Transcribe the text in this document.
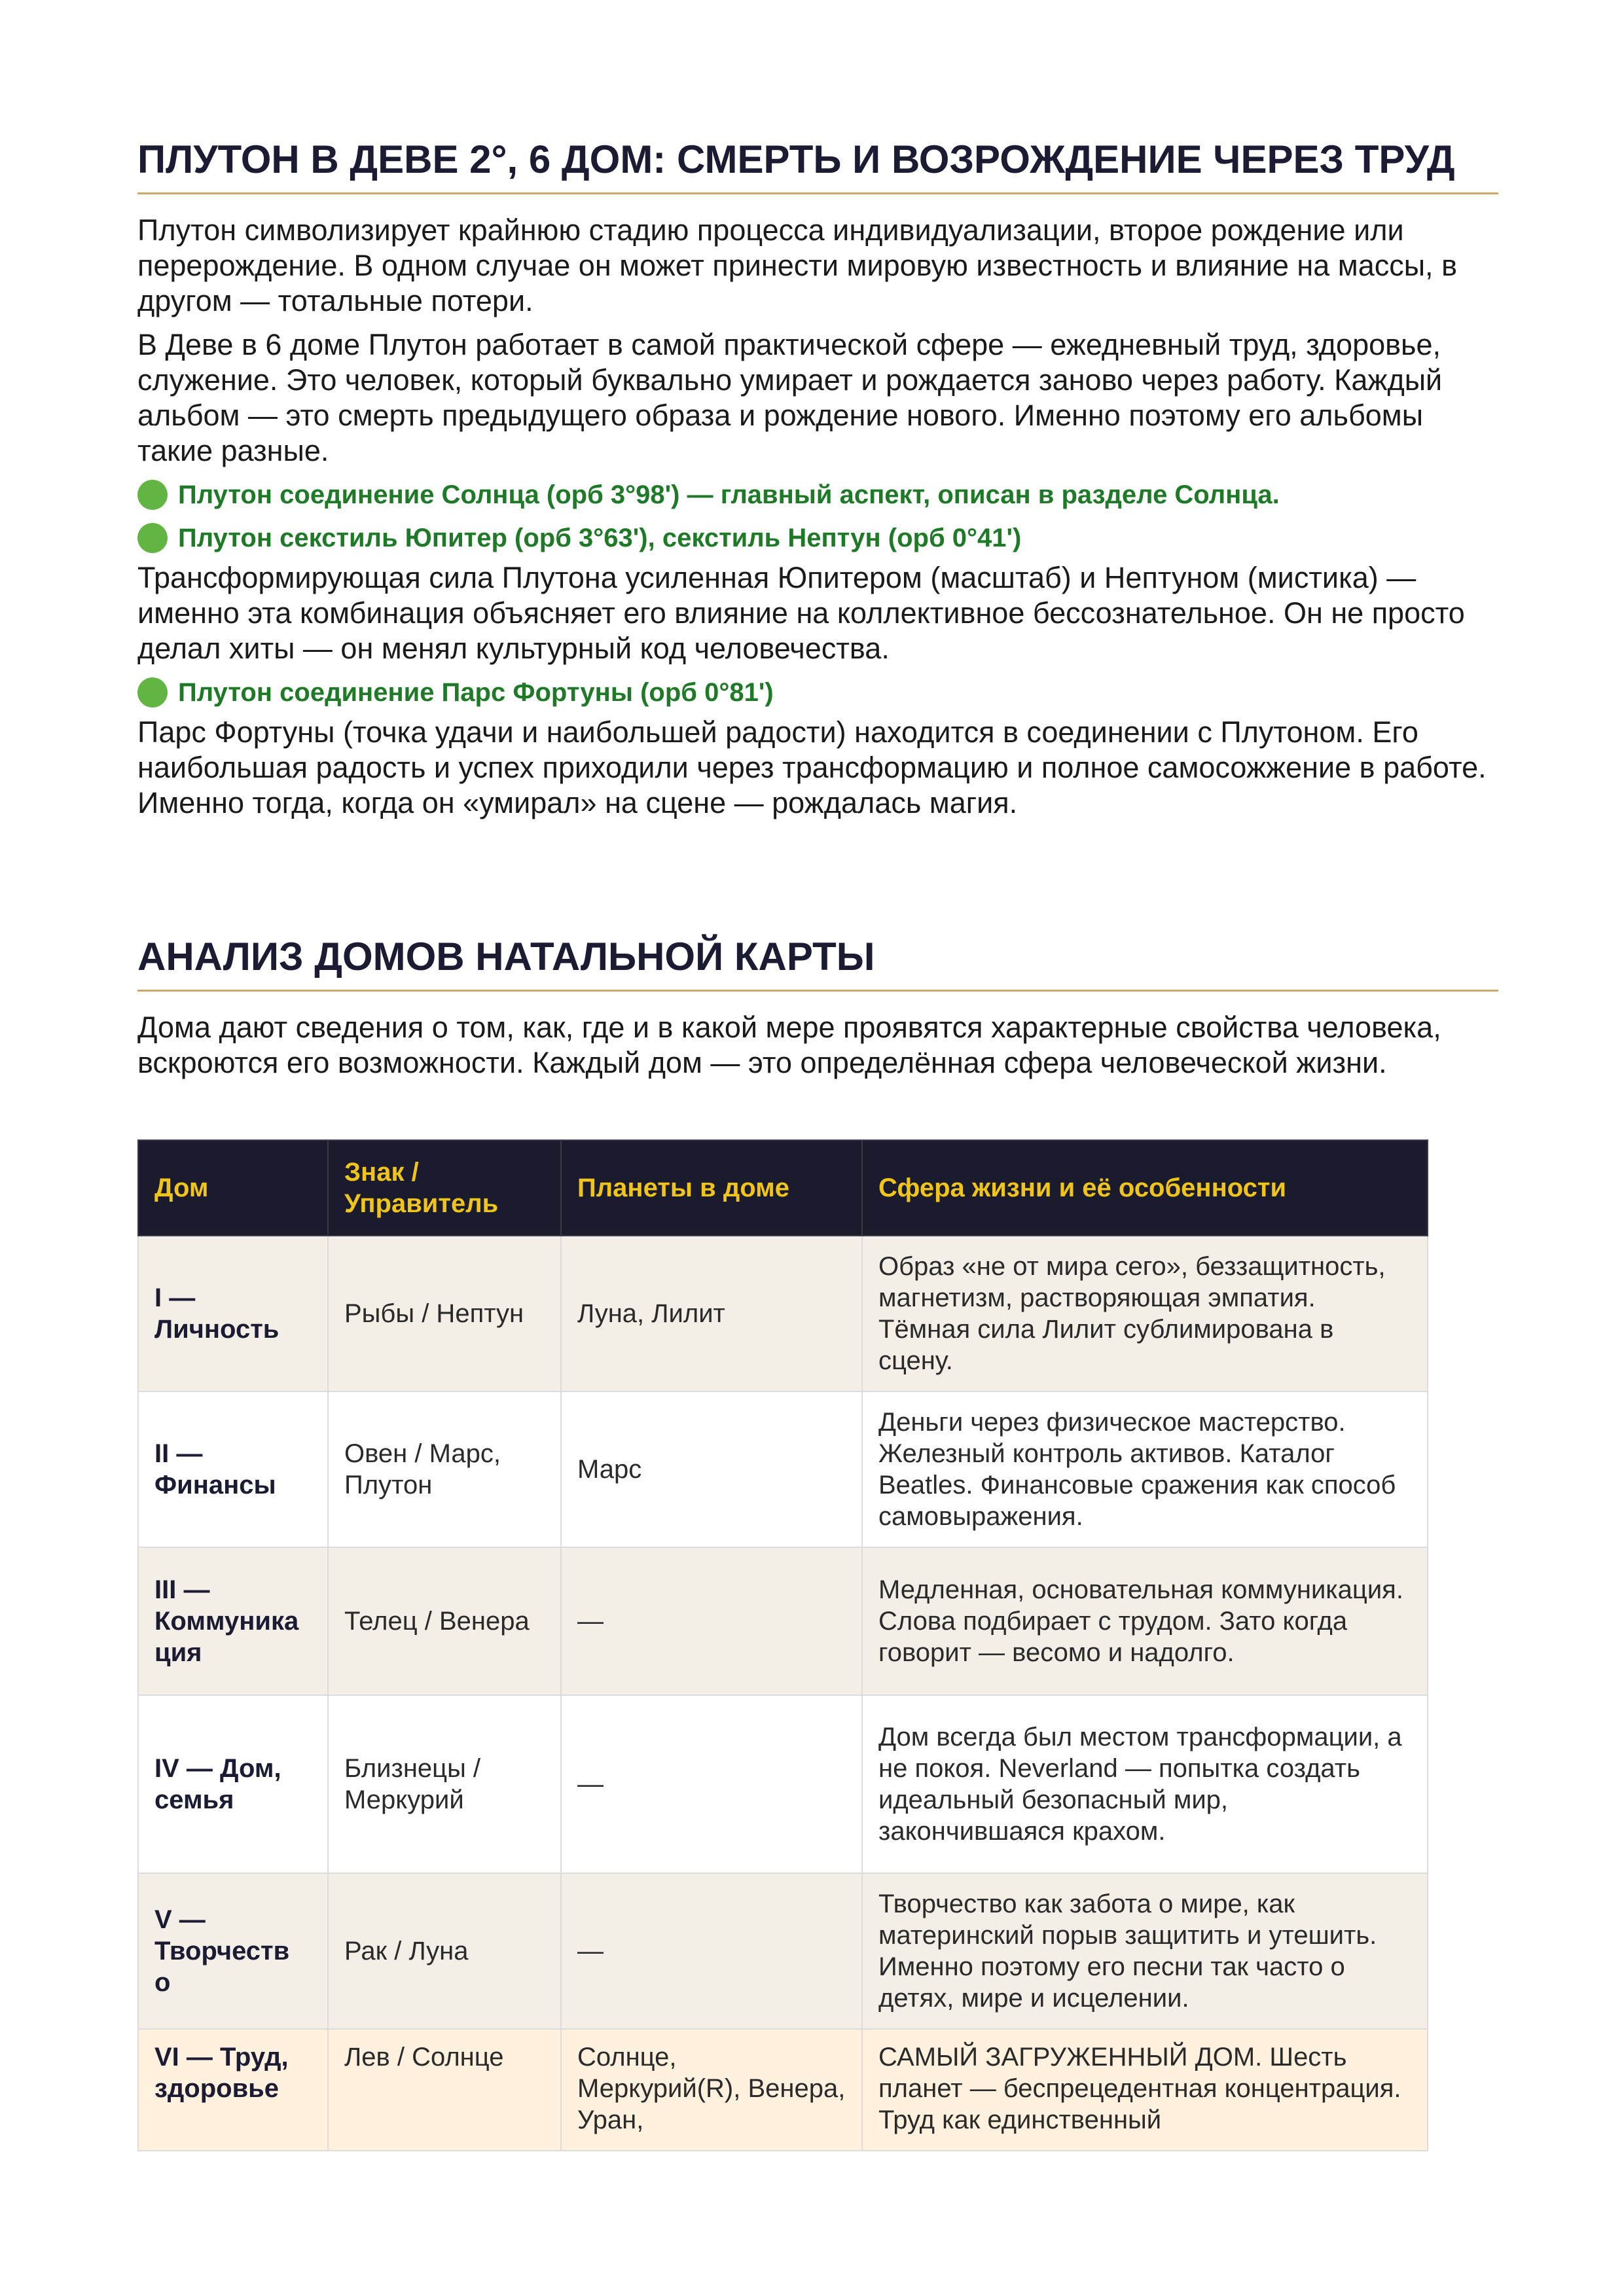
ПЛУТОН В ДЕВЕ 2°, 6 ДОМ: СМЕРТЬ И ВОЗРОЖДЕНИЕ ЧЕРЕЗ ТРУД

Плутон символизирует крайнюю стадию процесса индивидуализации, второе рождение или перерождение. В одном случае он может принести мировую известность и влияние на массы, в другом — тотальные потери.

В Деве в 6 доме Плутон работает в самой практической сфере — ежедневный труд, здоровье, служение. Это человек, который буквально умирает и рождается заново через работу. Каждый альбом — это смерть предыдущего образа и рождение нового. Именно поэтому его альбомы такие разные.

Плутон соединение Солнца (орб 3°98') — главный аспект, описан в разделе Солнца.
Плутон секстиль Юпитер (орб 3°63'), секстиль Нептун (орб 0°41')

Трансформирующая сила Плутона усиленная Юпитером (масштаб) и Нептуном (мистика) — именно эта комбинация объясняет его влияние на коллективное бессознательное. Он не просто делал хиты — он менял культурный код человечества.

Плутон соединение Парс Фортуны (орб 0°81')

Парс Фортуны (точка удачи и наибольшей радости) находится в соединении с Плутоном. Его наибольшая радость и успех приходили через трансформацию и полное самосожжение в работе. Именно тогда, когда он «умирал» на сцене — рождалась магия.

АНАЛИЗ ДОМОВ НАТАЛЬНОЙ КАРТЫ

Дома дают сведения о том, как, где и в какой мере проявятся характерные свойства человека, вскроются его возможности. Каждый дом — это определённая сфера человеческой жизни.

Дом	Знак / Управитель	Планеты в доме	Сфера жизни и её особенности
I — Личность	Рыбы / Нептун	Луна, Лилит	Образ «не от мира сего», беззащитность, магнетизм, растворяющая эмпатия. Тёмная сила Лилит сублимирована в сцену.
II — Финансы	Овен / Марс, Плутон	Марс	Деньги через физическое мастерство. Железный контроль активов. Каталог Beatles. Финансовые сражения как способ самовыражения.
III — Коммуника ция	Телец / Венера	—	Медленная, основательная коммуникация. Слова подбирает с трудом. Зато когда говорит — весомо и надолго.
IV — Дом, семья	Близнецы / Меркурий	—	Дом всегда был местом трансформации, а не покоя. Neverland — попытка создать идеальный безопасный мир, закончившаяся крахом.
V — Творчеств о	Рак / Луна	—	Творчество как забота о мире, как материнский порыв защитить и утешить. Именно поэтому его песни так часто о детях, мире и исцелении.

VI — Труд, здоровье	Лев / Солнце	Солнце, Меркурий(R), Венера, Уран,	САМЫЙ ЗАГРУЖЕННЫЙ ДОМ. Шесть планет — беспрецедентная концентрация. Труд как единственный
